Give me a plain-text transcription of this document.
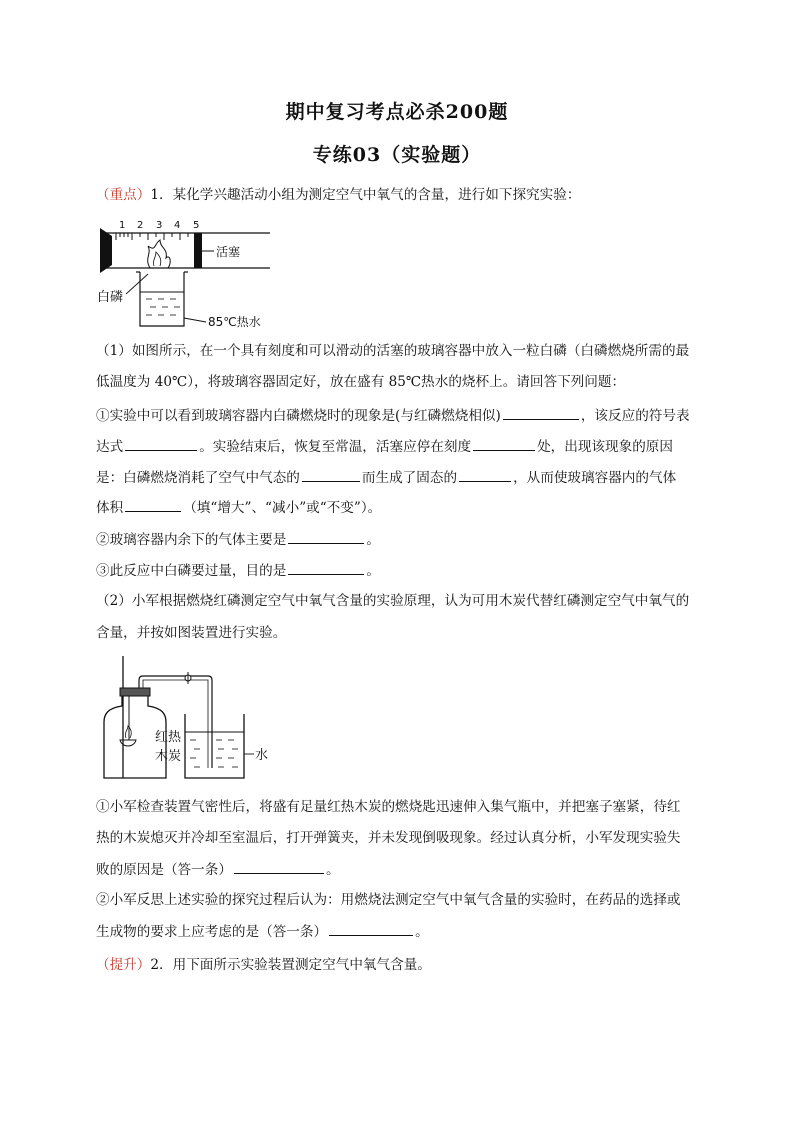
期中复习考点必杀200题
专练03（实验题）
（重点）1．某化学兴趣活动小组为测定空气中氧气的含量，进行如下探究实验：
1 2 3 4 5
活塞
白磷
85℃热水
（1）如图所示，在一个具有刻度和可以滑动的活塞的玻璃容器中放入一粒白磷（白磷燃烧所需的最
低温度为 40℃），将玻璃容器固定好，放在盛有 85℃热水的烧杯上。请回答下列问题：
①实验中可以看到玻璃容器内白磷燃烧时的现象是(与红磷燃烧相似)	，该反应的符号表
达式	。实验结束后，恢复至常温，活塞应停在刻度	处，出现该现象的原因
是：白磷燃烧消耗了空气中气态的	而生成了固态的	，从而使玻璃容器内的气体
体积	（填“增大”、“减小”或“不变”）。
②玻璃容器内余下的气体主要是	。
③此反应中白磷要过量，目的是	。
（2）小军根据燃烧红磷测定空气中氧气含量的实验原理，认为可用木炭代替红磷测定空气中氧气的
含量，并按如图装置进行实验。
红热
木炭	水
①小军检查装置气密性后，将盛有足量红热木炭的燃烧匙迅速伸入集气瓶中，并把塞子塞紧，待红
热的木炭熄灭并冷却至室温后，打开弹簧夹，并未发现倒吸现象。经过认真分析，小军发现实验失
败的原因是（答一条）	。
②小军反思上述实验的探究过程后认为：用燃烧法测定空气中氧气含量的实验时，在药品的选择或
生成物的要求上应考虑的是（答一条）	。
（提升）2．用下面所示实验装置测定空气中氧气含量。
